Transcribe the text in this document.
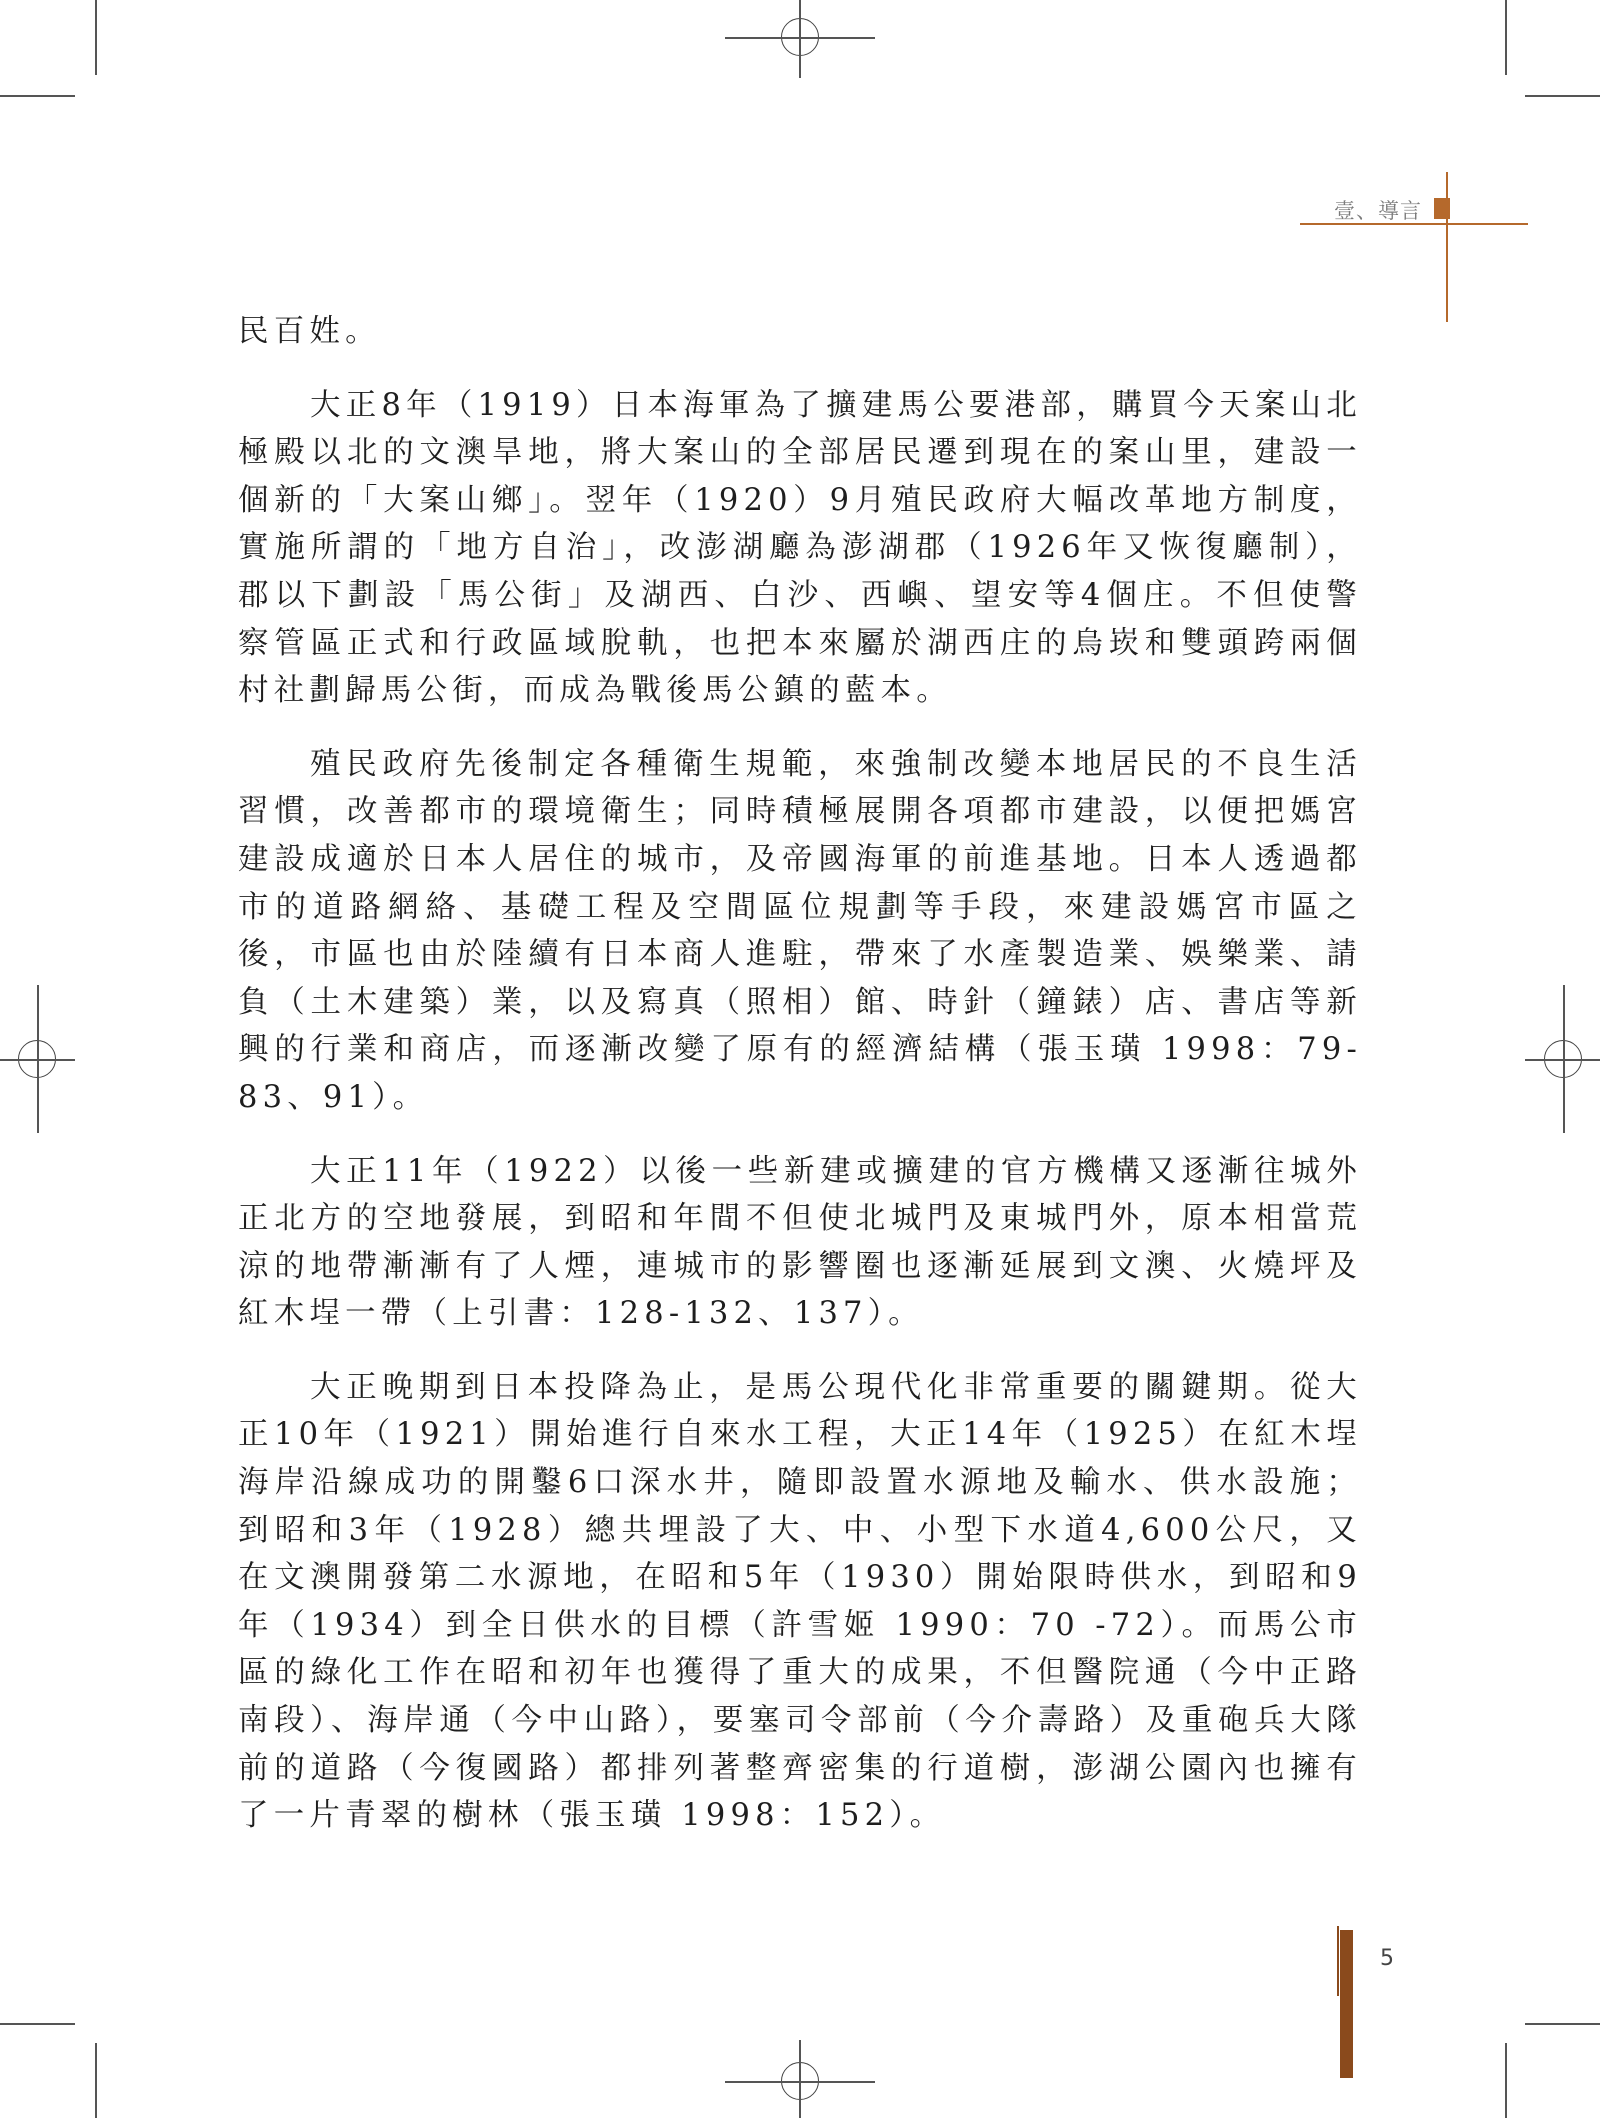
壹、導言

民百姓。

大正8年（1919）日本海軍為了擴建馬公要港部，購買今天案山北極殿以北的文澳旱地，將大案山的全部居民遷到現在的案山里，建設一個新的「大案山鄉」。翌年（1920）9月殖民政府大幅改革地方制度，實施所謂的「地方自治」，改澎湖廳為澎湖郡（1926年又恢復廳制），郡以下劃設「馬公街」及湖西、白沙、西嶼、望安等4個庄。不但使警察管區正式和行政區域脫軌，也把本來屬於湖西庄的烏崁和雙頭跨兩個村社劃歸馬公街，而成為戰後馬公鎮的藍本。

殖民政府先後制定各種衛生規範，來強制改變本地居民的不良生活習慣，改善都市的環境衛生；同時積極展開各項都市建設，以便把媽宮建設成適於日本人居住的城市，及帝國海軍的前進基地。日本人透過都市的道路網絡、基礎工程及空間區位規劃等手段，來建設媽宮市區之後，市區也由於陸續有日本商人進駐，帶來了水產製造業、娛樂業、請負（土木建築）業，以及寫真（照相）館、時針（鐘錶）店、書店等新興的行業和商店，而逐漸改變了原有的經濟結構（張玉璜 1998：79-83、91）。

大正11年（1922）以後一些新建或擴建的官方機構又逐漸往城外正北方的空地發展，到昭和年間不但使北城門及東城門外，原本相當荒涼的地帶漸漸有了人煙，連城市的影響圈也逐漸延展到文澳、火燒坪及紅木埕一帶（上引書：128-132、137）。

大正晚期到日本投降為止，是馬公現代化非常重要的關鍵期。從大正10年（1921）開始進行自來水工程，大正14年（1925）在紅木埕海岸沿線成功的開鑿6口深水井，隨即設置水源地及輸水、供水設施；到昭和3年（1928）總共埋設了大、中、小型下水道4,600公尺，又在文澳開發第二水源地，在昭和5年（1930）開始限時供水，到昭和9年（1934）到全日供水的目標（許雪姬 1990：70 -72）。而馬公市區的綠化工作在昭和初年也獲得了重大的成果，不但醫院通（今中正路南段）、海岸通（今中山路），要塞司令部前（今介壽路）及重砲兵大隊前的道路（今復國路）都排列著整齊密集的行道樹，澎湖公園內也擁有了一片青翠的樹林（張玉璜 1998：152）。

5
